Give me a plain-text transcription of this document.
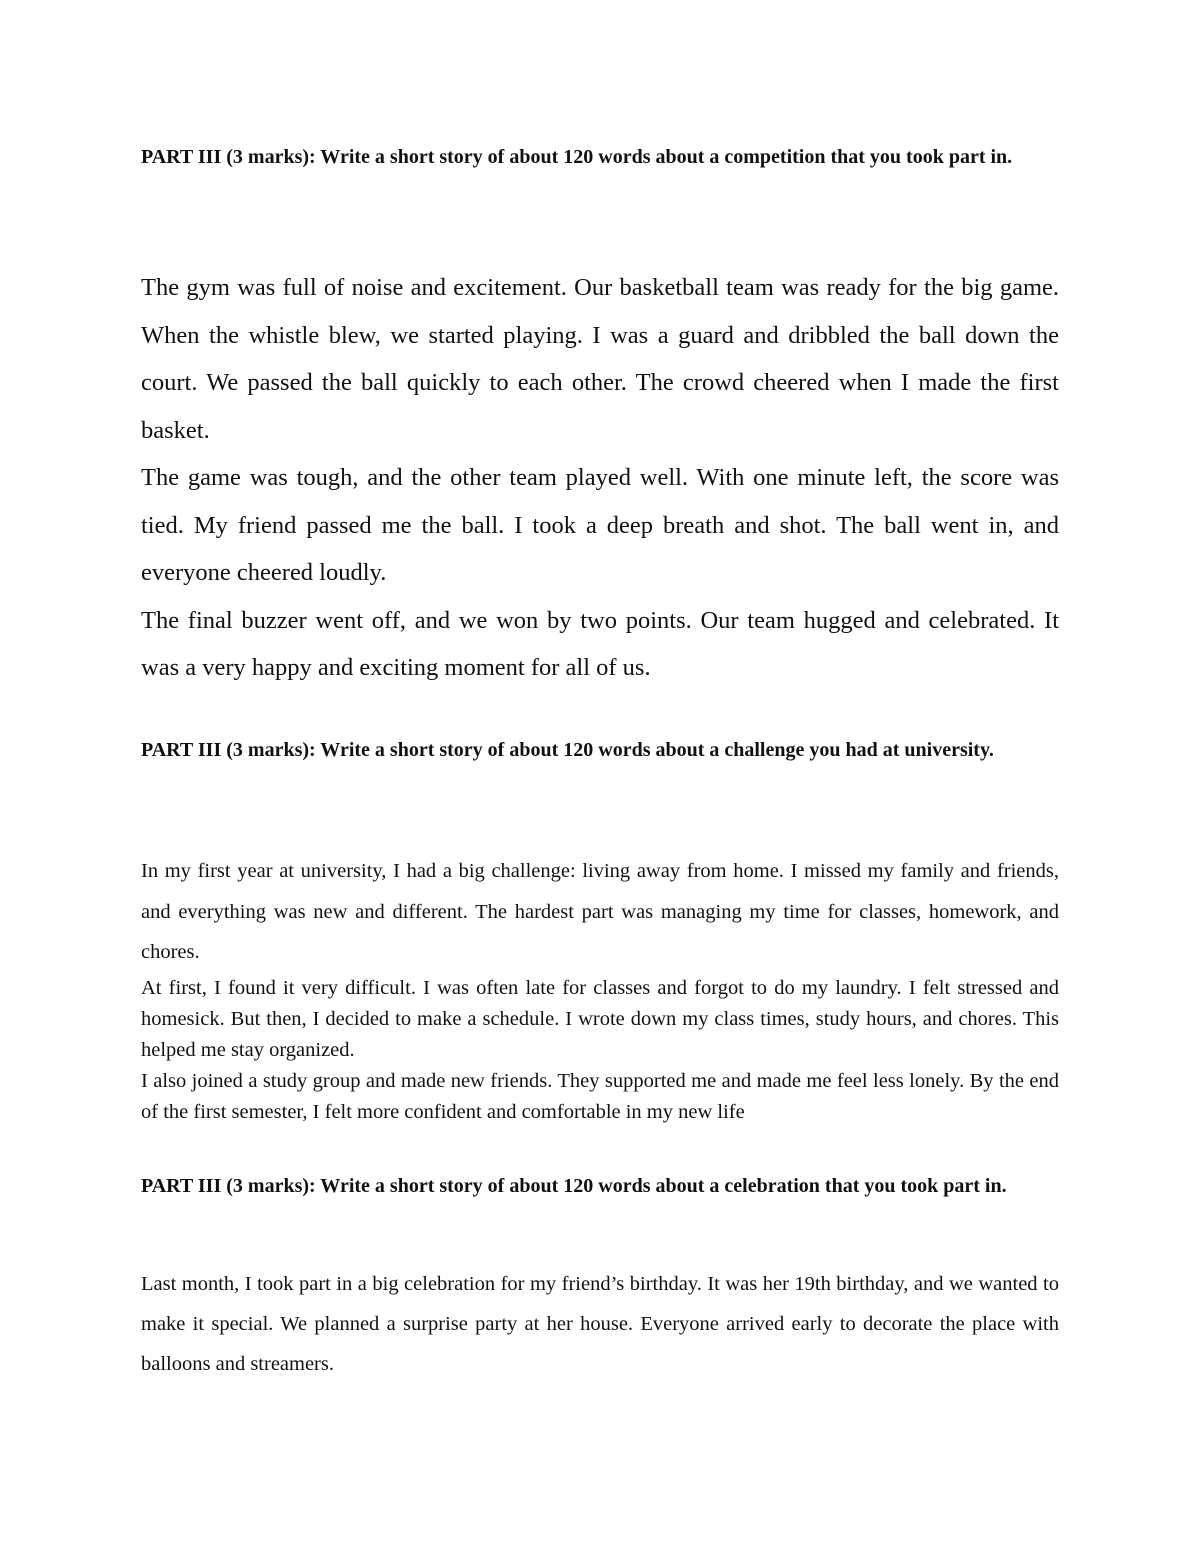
PART III (3 marks): Write a short story of about 120 words about a competition that you took part in.

The gym was full of noise and excitement. Our basketball team was ready for the big game. When the whistle blew, we started playing. I was a guard and dribbled the ball down the court. We passed the ball quickly to each other. The crowd cheered when I made the first basket.

The game was tough, and the other team played well. With one minute left, the score was tied. My friend passed me the ball. I took a deep breath and shot. The ball went in, and everyone cheered loudly.

The final buzzer went off, and we won by two points. Our team hugged and celebrated. It was a very happy and exciting moment for all of us.

PART III (3 marks): Write a short story of about 120 words about a challenge you had at university.

In my first year at university, I had a big challenge: living away from home. I missed my family and friends, and everything was new and different. The hardest part was managing my time for classes, homework, and chores.

At first, I found it very difficult. I was often late for classes and forgot to do my laundry. I felt stressed and homesick. But then, I decided to make a schedule. I wrote down my class times, study hours, and chores. This helped me stay organized.

I also joined a study group and made new friends. They supported me and made me feel less lonely. By the end of the first semester, I felt more confident and comfortable in my new life

PART III (3 marks): Write a short story of about 120 words about a celebration that you took part in.

Last month, I took part in a big celebration for my friend’s birthday. It was her 19th birthday, and we wanted to make it special. We planned a surprise party at her house. Everyone arrived early to decorate the place with balloons and streamers.
